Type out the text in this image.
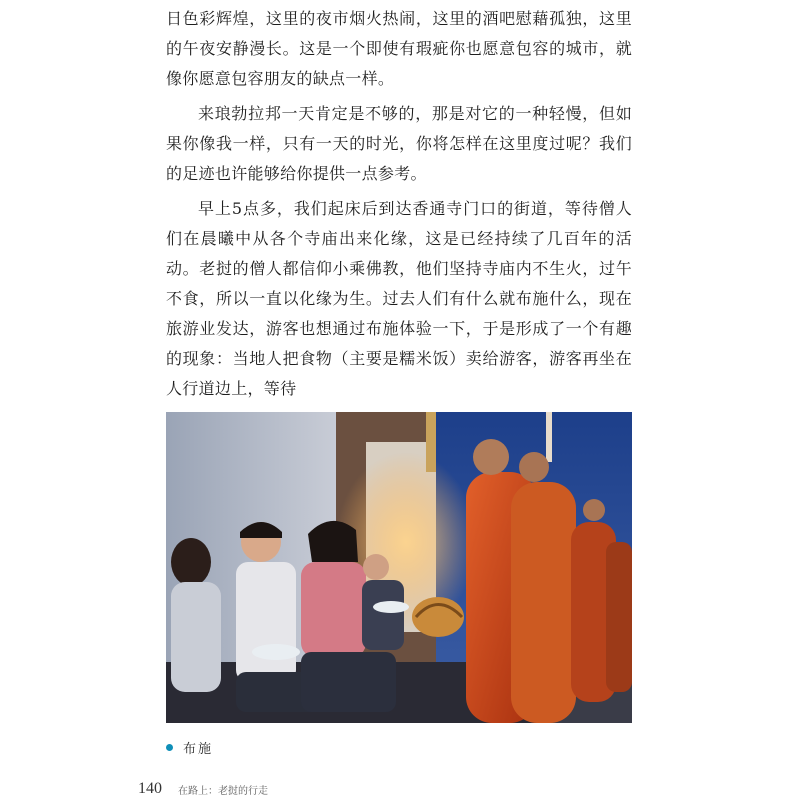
日色彩辉煌，这里的夜市烟火热闹，这里的酒吧慰藉孤独，这里的午夜安静漫长。这是一个即使有瑕疵你也愿意包容的城市，就像你愿意包容朋友的缺点一样。

来琅勃拉邦一天肯定是不够的，那是对它的一种轻慢，但如果你像我一样，只有一天的时光，你将怎样在这里度过呢？我们的足迹也许能够给你提供一点参考。

早上5点多，我们起床后到达香通寺门口的街道，等待僧人们在晨曦中从各个寺庙出来化缘，这是已经持续了几百年的活动。老挝的僧人都信仰小乘佛教，他们坚持寺庙内不生火，过午不食，所以一直以化缘为生。过去人们有什么就布施什么，现在旅游业发达，游客也想通过布施体验一下，于是形成了一个有趣的现象：当地人把食物（主要是糯米饭）卖给游客，游客再坐在人行道边上，等待

布施
140 在路上：老挝的行走
